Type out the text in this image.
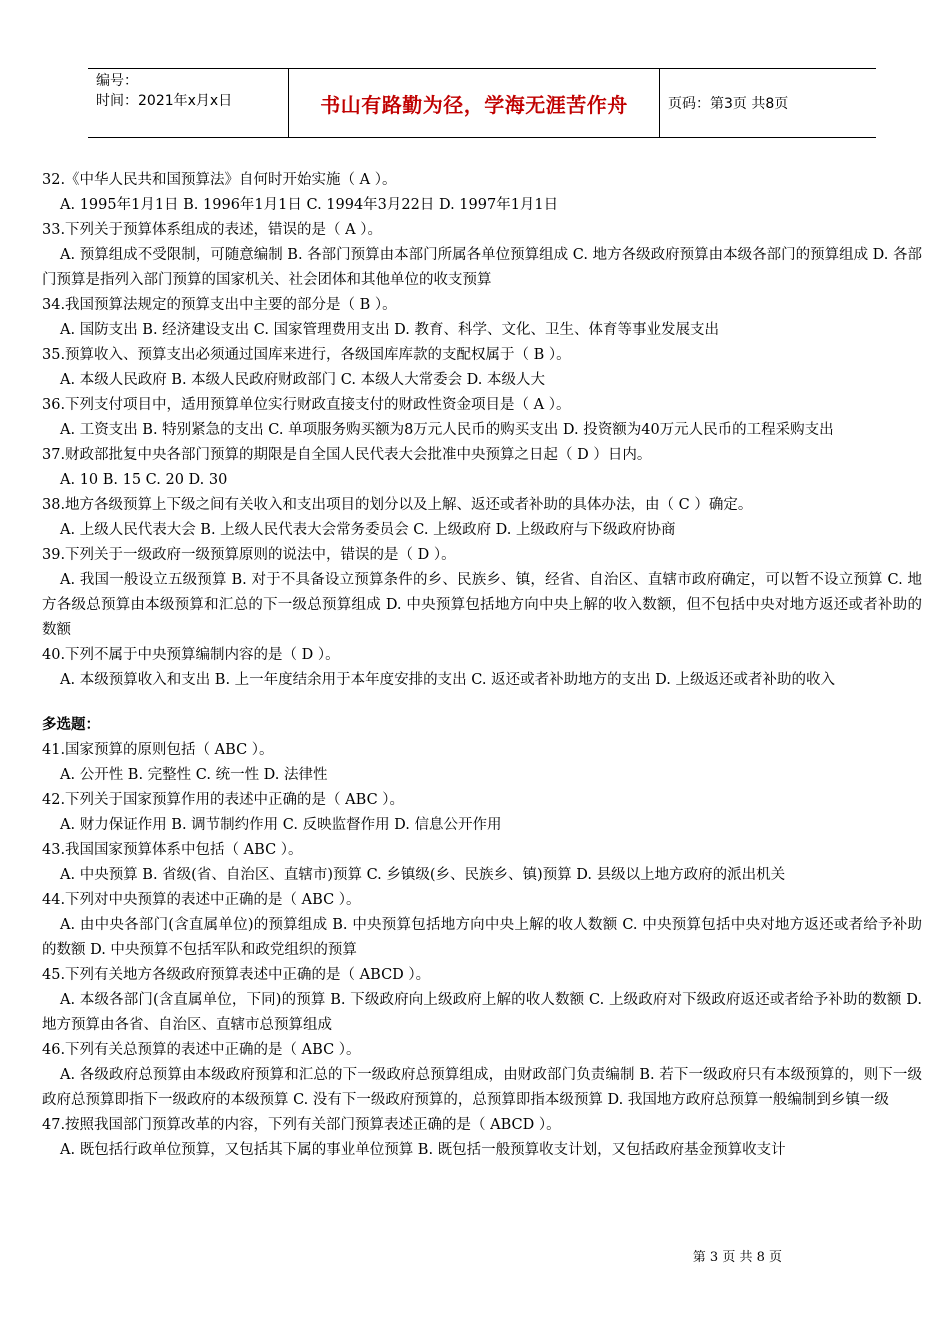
编号：
时间：2021年x月x日	书山有路勤为径，学海无涯苦作舟	页码：第3页 共8页

32.《中华人民共和国预算法》自何时开始实施（ A ）。

A. 1995年1月1日 B. 1996年1月1日 C. 1994年3月22日 D. 1997年1月1日

33.下列关于预算体系组成的表述，错误的是（ A ）。

A. 预算组成不受限制，可随意编制 B. 各部门预算由本部门所属各单位预算组成 C. 地方各级政府预算由本级各部门的预算组成 D. 各部门预算是指列入部门预算的国家机关、社会团体和其他单位的收支预算

34.我国预算法规定的预算支出中主要的部分是（ B ）。

A. 国防支出 B. 经济建设支出 C. 国家管理费用支出 D. 教育、科学、文化、卫生、体育等事业发展支出

35.预算收入、预算支出必须通过国库来进行，各级国库库款的支配权属于（ B ）。

A. 本级人民政府 B. 本级人民政府财政部门 C. 本级人大常委会 D. 本级人大

36.下列支付项目中，适用预算单位实行财政直接支付的财政性资金项目是（ A ）。

A. 工资支出 B. 特别紧急的支出 C. 单项服务购买额为8万元人民币的购买支出 D. 投资额为40万元人民币的工程采购支出

37.财政部批复中央各部门预算的期限是自全国人民代表大会批准中央预算之日起（ D ）日内。

A. 10 B. 15 C. 20 D. 30

38.地方各级预算上下级之间有关收入和支出项目的划分以及上解、返还或者补助的具体办法，由（ C ）确定。

A. 上级人民代表大会 B. 上级人民代表大会常务委员会 C. 上级政府 D. 上级政府与下级政府协商

39.下列关于一级政府一级预算原则的说法中，错误的是（ D ）。

A. 我国一般设立五级预算 B. 对于不具备设立预算条件的乡、民族乡、镇，经省、自治区、直辖市政府确定，可以暂不设立预算 C. 地方各级总预算由本级预算和汇总的下一级总预算组成 D. 中央预算包括地方向中央上解的收入数额，但不包括中央对地方返还或者补助的数额

40.下列不属于中央预算编制内容的是（ D ）。

A. 本级预算收入和支出 B. 上一年度结余用于本年度安排的支出 C. 返还或者补助地方的支出 D. 上级返还或者补助的收入

多选题：

41.国家预算的原则包括（ ABC ）。

A. 公开性 B. 完整性 C. 统一性 D. 法律性

42.下列关于国家预算作用的表述中正确的是（ ABC ）。

A. 财力保证作用 B. 调节制约作用 C. 反映监督作用 D. 信息公开作用

43.我国国家预算体系中包括（ ABC ）。

A. 中央预算 B. 省级(省、自治区、直辖市)预算 C. 乡镇级(乡、民族乡、镇)预算 D. 县级以上地方政府的派出机关

44.下列对中央预算的表述中正确的是（ ABC ）。

A. 由中央各部门(含直属单位)的预算组成 B. 中央预算包括地方向中央上解的收人数额 C. 中央预算包括中央对地方返还或者给予补助的数额 D. 中央预算不包括军队和政党组织的预算

45.下列有关地方各级政府预算表述中正确的是（ ABCD ）。

A. 本级各部门(含直属单位，下同)的预算 B. 下级政府向上级政府上解的收人数额 C. 上级政府对下级政府返还或者给予补助的数额 D. 地方预算由各省、自治区、直辖市总预算组成

46.下列有关总预算的表述中正确的是（ ABC ）。

A. 各级政府总预算由本级政府预算和汇总的下一级政府总预算组成，由财政部门负责编制 B. 若下一级政府只有本级预算的，则下一级政府总预算即指下一级政府的本级预算 C. 没有下一级政府预算的，总预算即指本级预算 D. 我国地方政府总预算一般编制到乡镇一级

47.按照我国部门预算改革的内容，下列有关部门预算表述正确的是（ ABCD ）。

A. 既包括行政单位预算，又包括其下属的事业单位预算 B. 既包括一般预算收支计划，又包括政府基金预算收支计

第 3 页 共 8 页
